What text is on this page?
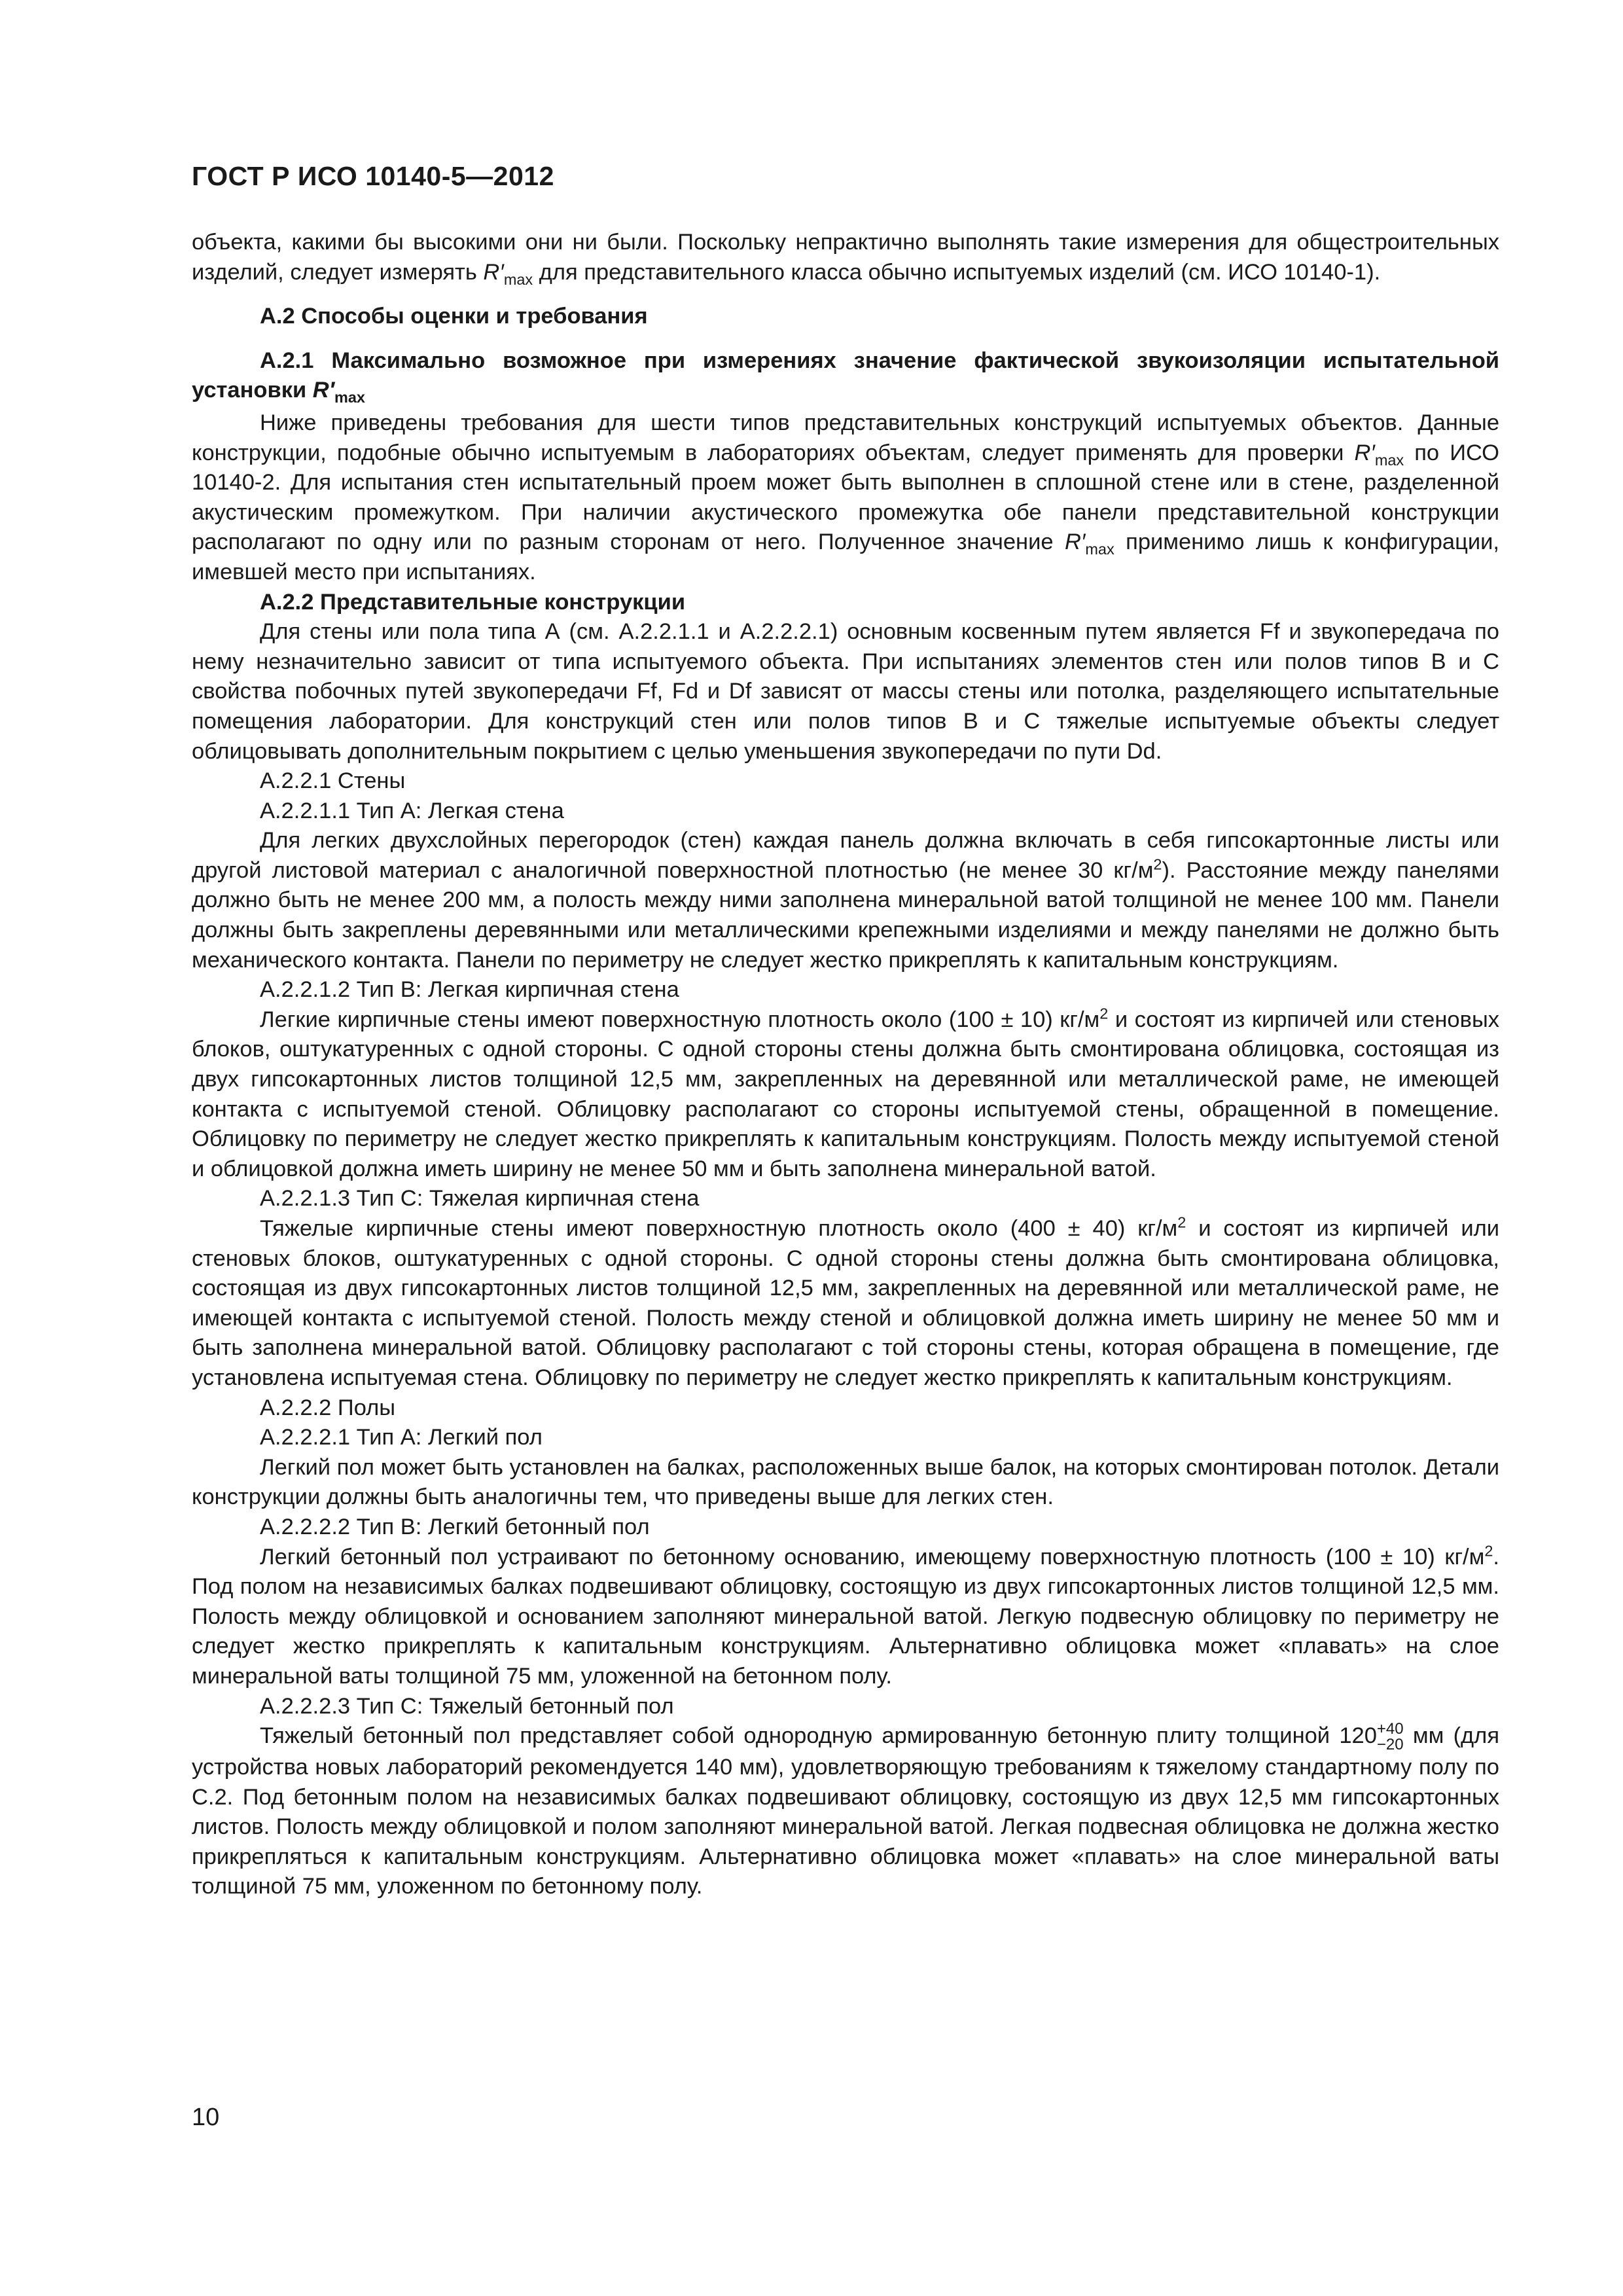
ГОСТ Р ИСО 10140-5—2012

объекта, какими бы высокими они ни были. Поскольку непрактично выполнять такие измерения для общестроительных изделий, следует измерять $R'_{max}$ для представительного класса обычно испытуемых изделий (см. ИСО 10140-1).

А.2 Способы оценки и требования

А.2.1 Максимально возможное при измерениях значение фактической звукоизоляции испытательной установки $R'_{max}$

Ниже приведены требования для шести типов представительных конструкций испытуемых объектов. Данные конструкции, подобные обычно испытуемым в лабораториях объектам, следует применять для проверки $R'_{max}$ по ИСО 10140-2. Для испытания стен испытательный проем может быть выполнен в сплошной стене или в стене, разделенной акустическим промежутком. При наличии акустического промежутка обе панели представительной конструкции располагают по одну или по разным сторонам от него. Полученное значение $R'_{max}$ применимо лишь к конфигурации, имевшей место при испытаниях.

А.2.2 Представительные конструкции

Для стены или пола типа А (см. А.2.2.1.1 и А.2.2.2.1) основным косвенным путем является Ff и звукопередача по нему незначительно зависит от типа испытуемого объекта. При испытаниях элементов стен или полов типов В и С свойства побочных путей звукопередачи Ff, Fd и Df зависят от массы стены или потолка, разделяющего испытательные помещения лаборатории. Для конструкций стен или полов типов В и С тяжелые испытуемые объекты следует облицовывать дополнительным покрытием с целью уменьшения звукопередачи по пути Dd.

А.2.2.1 Стены

А.2.2.1.1 Тип А: Легкая стена

Для легких двухслойных перегородок (стен) каждая панель должна включать в себя гипсокартонные листы или другой листовой материал с аналогичной поверхностной плотностью (не менее 30 $кг/м^2$). Расстояние между панелями должно быть не менее 200 мм, а полость между ними заполнена минеральной ватой толщиной не менее 100 мм. Панели должны быть закреплены деревянными или металлическими крепежными изделиями и между панелями не должно быть механического контакта. Панели по периметру не следует жестко прикреплять к капитальным конструкциям.

А.2.2.1.2 Тип В: Легкая кирпичная стена

Легкие кирпичные стены имеют поверхностную плотность около (100 ± 10) $кг/м^2$ и состоят из кирпичей или стеновых блоков, оштукатуренных с одной стороны. С одной стороны стены должна быть смонтирована облицовка, состоящая из двух гипсокартонных листов толщиной 12,5 мм, закрепленных на деревянной или металлической раме, не имеющей контакта с испытуемой стеной. Облицовку располагают со стороны испытуемой стены, обращенной в помещение. Облицовку по периметру не следует жестко прикреплять к капитальным конструкциям. Полость между испытуемой стеной и облицовкой должна иметь ширину не менее 50 мм и быть заполнена минеральной ватой.

А.2.2.1.3 Тип С: Тяжелая кирпичная стена

Тяжелые кирпичные стены имеют поверхностную плотность около (400 ± 40) $кг/м^2$ и состоят из кирпичей или стеновых блоков, оштукатуренных с одной стороны. С одной стороны стены должна быть смонтирована облицовка, состоящая из двух гипсокартонных листов толщиной 12,5 мм, закрепленных на деревянной или металлической раме, не имеющей контакта с испытуемой стеной. Полость между стеной и облицовкой должна иметь ширину не менее 50 мм и быть заполнена минеральной ватой. Облицовку располагают с той стороны стены, которая обращена в помещение, где установлена испытуемая стена. Облицовку по периметру не следует жестко прикреплять к капитальным конструкциям.

А.2.2.2 Полы

А.2.2.2.1 Тип А: Легкий пол

Легкий пол может быть установлен на балках, расположенных выше балок, на которых смонтирован потолок. Детали конструкции должны быть аналогичны тем, что приведены выше для легких стен.

А.2.2.2.2 Тип В: Легкий бетонный пол

Легкий бетонный пол устраивают по бетонному основанию, имеющему поверхностную плотность (100 ± 10) $кг/м^2$. Под полом на независимых балках подвешивают облицовку, состоящую из двух гипсокартонных листов толщиной 12,5 мм. Полость между облицовкой и основанием заполняют минеральной ватой. Легкую подвесную облицовку по периметру не следует жестко прикреплять к капитальным конструкциям. Альтернативно облицовка может «плавать» на слое минеральной ваты толщиной 75 мм, уложенной на бетонном полу.

А.2.2.2.3 Тип С: Тяжелый бетонный пол

Тяжелый бетонный пол представляет собой однородную армированную бетонную плиту толщиной 120 +40
−20 мм (для устройства новых лабораторий рекомендуется 140 мм), удовлетворяющую требованиям к тяжелому стандартному полу по С.2. Под бетонным полом на независимых балках подвешивают облицовку, состоящую из двух 12,5 мм гипсокартонных листов. Полость между облицовкой и полом заполняют минеральной ватой. Легкая подвесная облицовка не должна жестко прикрепляться к капитальным конструкциям. Альтернативно облицовка может «плавать» на слое минеральной ваты толщиной 75 мм, уложенном по бетонному полу.

10
